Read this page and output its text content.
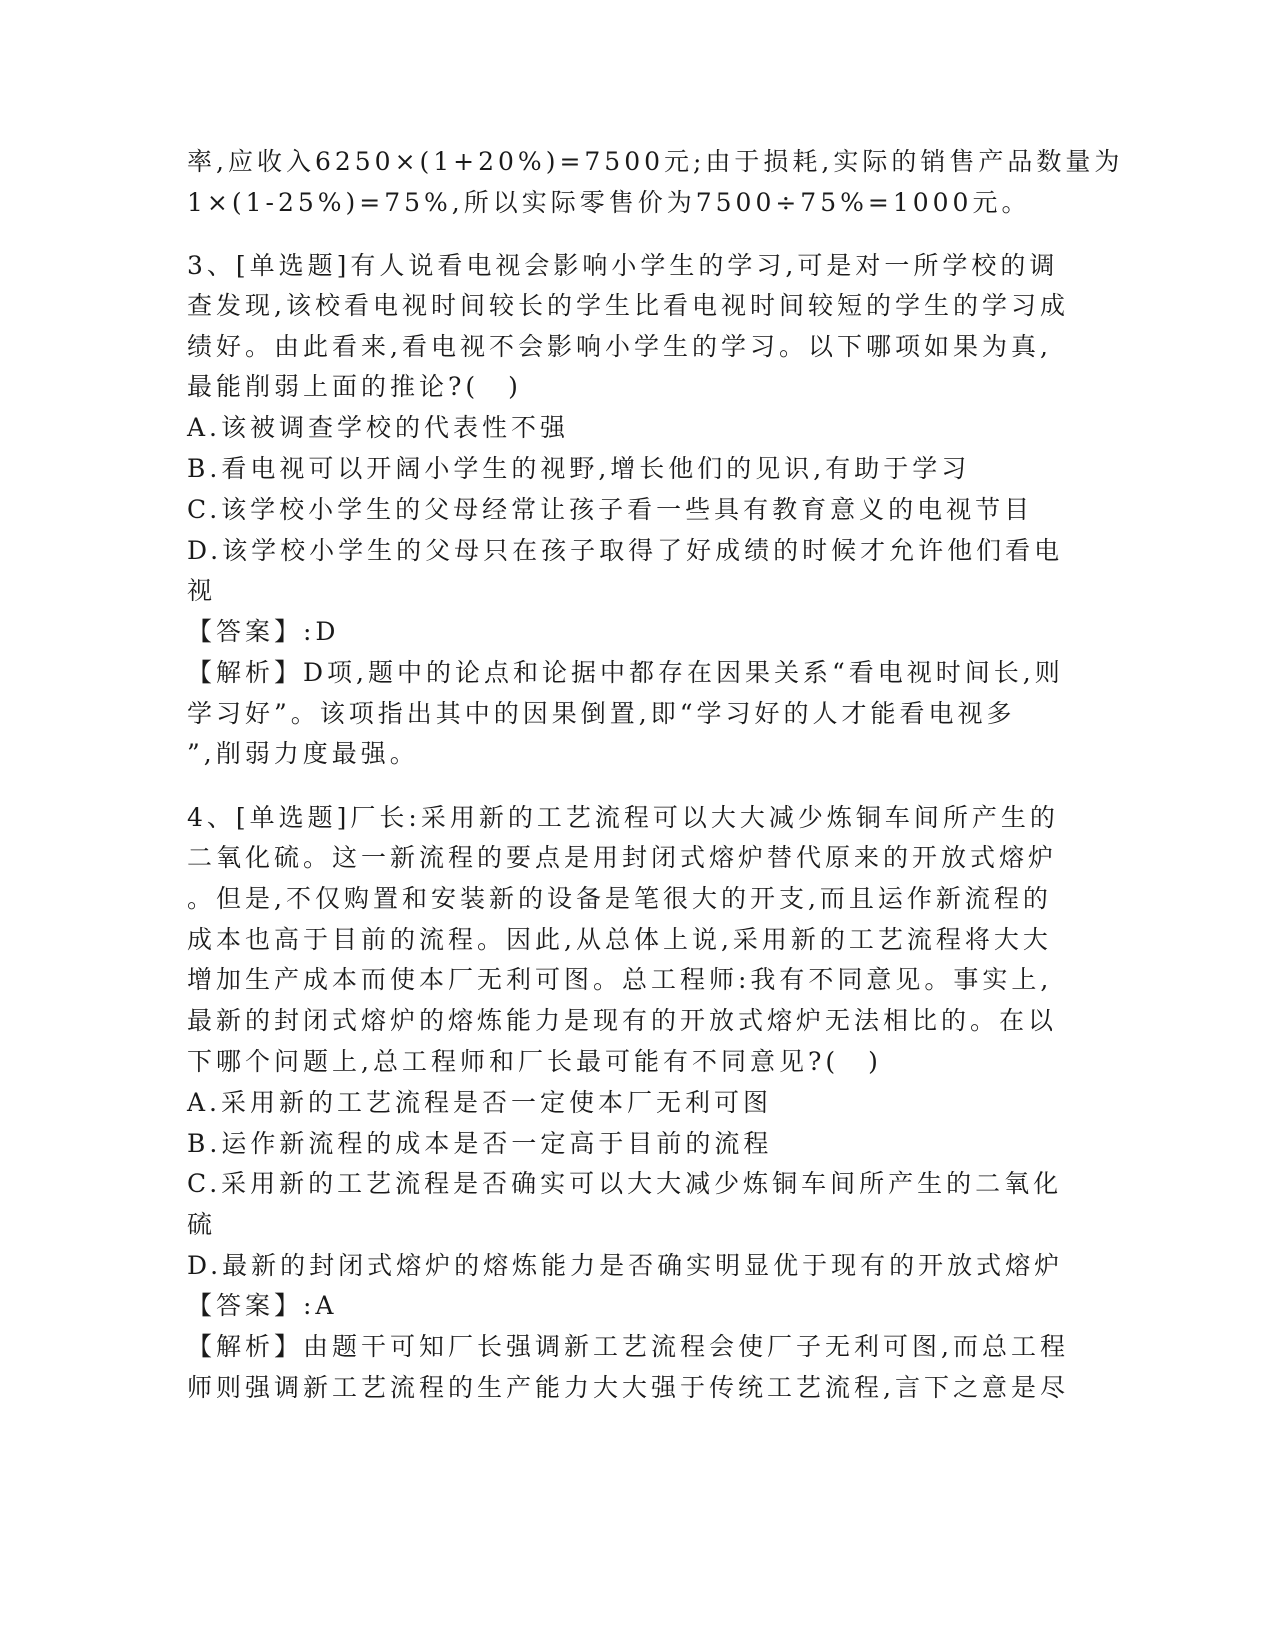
率,应收入6250×(1+20%)=7500元;由于损耗,实际的销售产品数量为
1×(1-25%)=75%,所以实际零售价为7500÷75%=1000元。
3、[单选题]有人说看电视会影响小学生的学习,可是对一所学校的调
查发现,该校看电视时间较长的学生比看电视时间较短的学生的学习成
绩好。由此看来,看电视不会影响小学生的学习。以下哪项如果为真,
最能削弱上面的推论?(　)
A.该被调查学校的代表性不强
B.看电视可以开阔小学生的视野,增长他们的见识,有助于学习
C.该学校小学生的父母经常让孩子看一些具有教育意义的电视节目
D.该学校小学生的父母只在孩子取得了好成绩的时候才允许他们看电
视
【答案】:D
【解析】D项,题中的论点和论据中都存在因果关系“看电视时间长,则
学习好”。该项指出其中的因果倒置,即“学习好的人才能看电视多
”,削弱力度最强。
4、[单选题]厂长:采用新的工艺流程可以大大减少炼铜车间所产生的
二氧化硫。这一新流程的要点是用封闭式熔炉替代原来的开放式熔炉
。但是,不仅购置和安装新的设备是笔很大的开支,而且运作新流程的
成本也高于目前的流程。因此,从总体上说,采用新的工艺流程将大大
增加生产成本而使本厂无利可图。总工程师:我有不同意见。事实上,
最新的封闭式熔炉的熔炼能力是现有的开放式熔炉无法相比的。在以
下哪个问题上,总工程师和厂长最可能有不同意见?(　)
A.采用新的工艺流程是否一定使本厂无利可图
B.运作新流程的成本是否一定高于目前的流程
C.采用新的工艺流程是否确实可以大大减少炼铜车间所产生的二氧化
硫
D.最新的封闭式熔炉的熔炼能力是否确实明显优于现有的开放式熔炉
【答案】:A
【解析】由题干可知厂长强调新工艺流程会使厂子无利可图,而总工程
师则强调新工艺流程的生产能力大大强于传统工艺流程,言下之意是尽
